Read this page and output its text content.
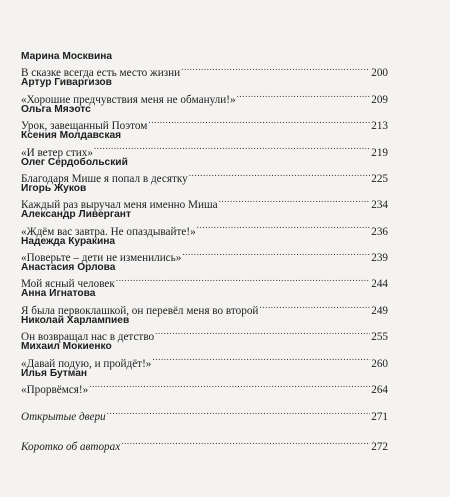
Марина Москвина
В сказке всегда есть место жизни .....	200
Артур Гиваргизов
«Хорошие предчувствия меня не обманули!» .....	209
Ольга Мяэотс
Урок, завещанный Поэтом .....	213
Ксения Молдавская
«И ветер стих» .....	219
Олег Сердобольский
Благодаря Мише я попал в десятку .....	225
Игорь Жуков
Каждый раз выручал меня именно Миша .....	234
Александр Ливергант
«Ждём вас завтра. Не опаздывайте!» .....	236
Надежда Куракина
«Поверьте – дети не изменились» .....	239
Анастасия Орлова
Мой ясный человек .....	244
Анна Игнатова
Я была первоклашкой, он перевёл меня во второй .....	249
Николай Харлампиев
Он возвращал нас в детство .....	255
Михаил Мокиенко
«Давай подую, и пройдёт!» .....	260
Илья Бутман
«Прорвёмся!» .....	264
Открытые двери .....	271
Коротко об авторах .....	272
